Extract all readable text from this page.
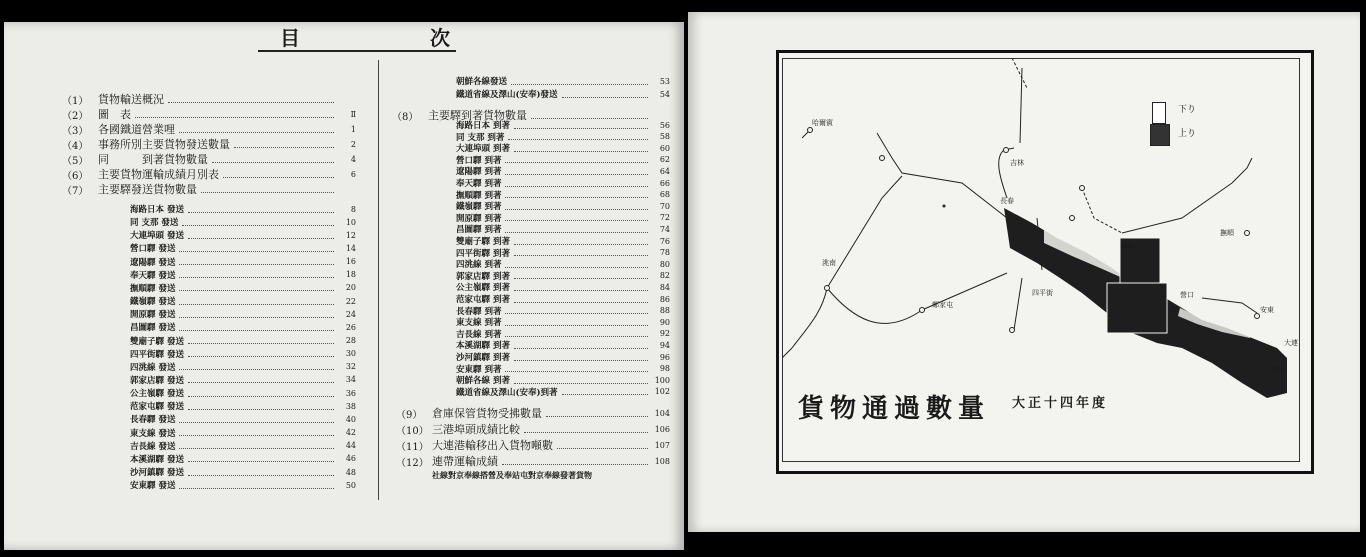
目	次
（1） 貨物輸送概況
（2） 圖　表	Ⅱ
（3） 各國鐵道營業哩	1
（4） 事務所別主要貨物發送數量	2
（5） 同　　　到著貨物數量	4
（6） 主要貨物運輸成績月別表	6
（7） 主要驛發送貨物數量
海路日本 發送	8
同 支那 發送	10
大連埠頭 發送	12
營口驛 發送	14
遼陽驛 發送	16
奉天驛 發送	18
撫順驛 發送	20
鐵嶺驛 發送	22
開原驛 發送	24
昌圖驛 發送	26
雙廟子驛 發送	28
四平街驛 發送	30
四洮線 發送	32
郭家店驛 發送	34
公主嶺驛 發送	36
范家屯驛 發送	38
長春驛 發送	40
東支線 發送	42
吉長線 發送	44
本溪湖驛 發送	46
沙河鎮驛 發送	48
安東驛 發送	50
朝鮮各線發送	53
鐵道省線及澤山(安奉)發送	54
（8） 主要驛到著貨物數量
海路日本 到著	56
同 支那 到著	58
大連埠頭 到著	60
營口驛 到著	62
遼陽驛 到著	64
奉天驛 到著	66
撫順驛 到著	68
鐵嶺驛 到著	70
開原驛 到著	72
昌圖驛 到著	74
雙廟子驛 到著	76
四平街驛 到著	78
四洮線 到著	80
郭家店驛 到著	82
公主嶺驛 到著	84
范家屯驛 到著	86
長春驛 到著	88
東支線 到著	90
吉長線 到著	92
本溪湖驛 到著	94
沙河鎮驛 到著	96
安東驛 到著	98
朝鮮各線 到著	100
鐵道省線及澤山(安奉)到著	102
（9） 倉庫保管貨物受拂數量	104
（10） 三港埠頭成績比較	106
（11） 大連港輸移出入貨物噸數	107
（12） 連帶運輸成績	108
社線對京奉線搭營及奉站屯對京奉線發著貨物
哈爾賓
長春
吉林
四平街
奉天
撫順
安東
大連
旅順
營口
鄭家屯
洮南
下り
上り
貨物通過數量 大正十四年度
